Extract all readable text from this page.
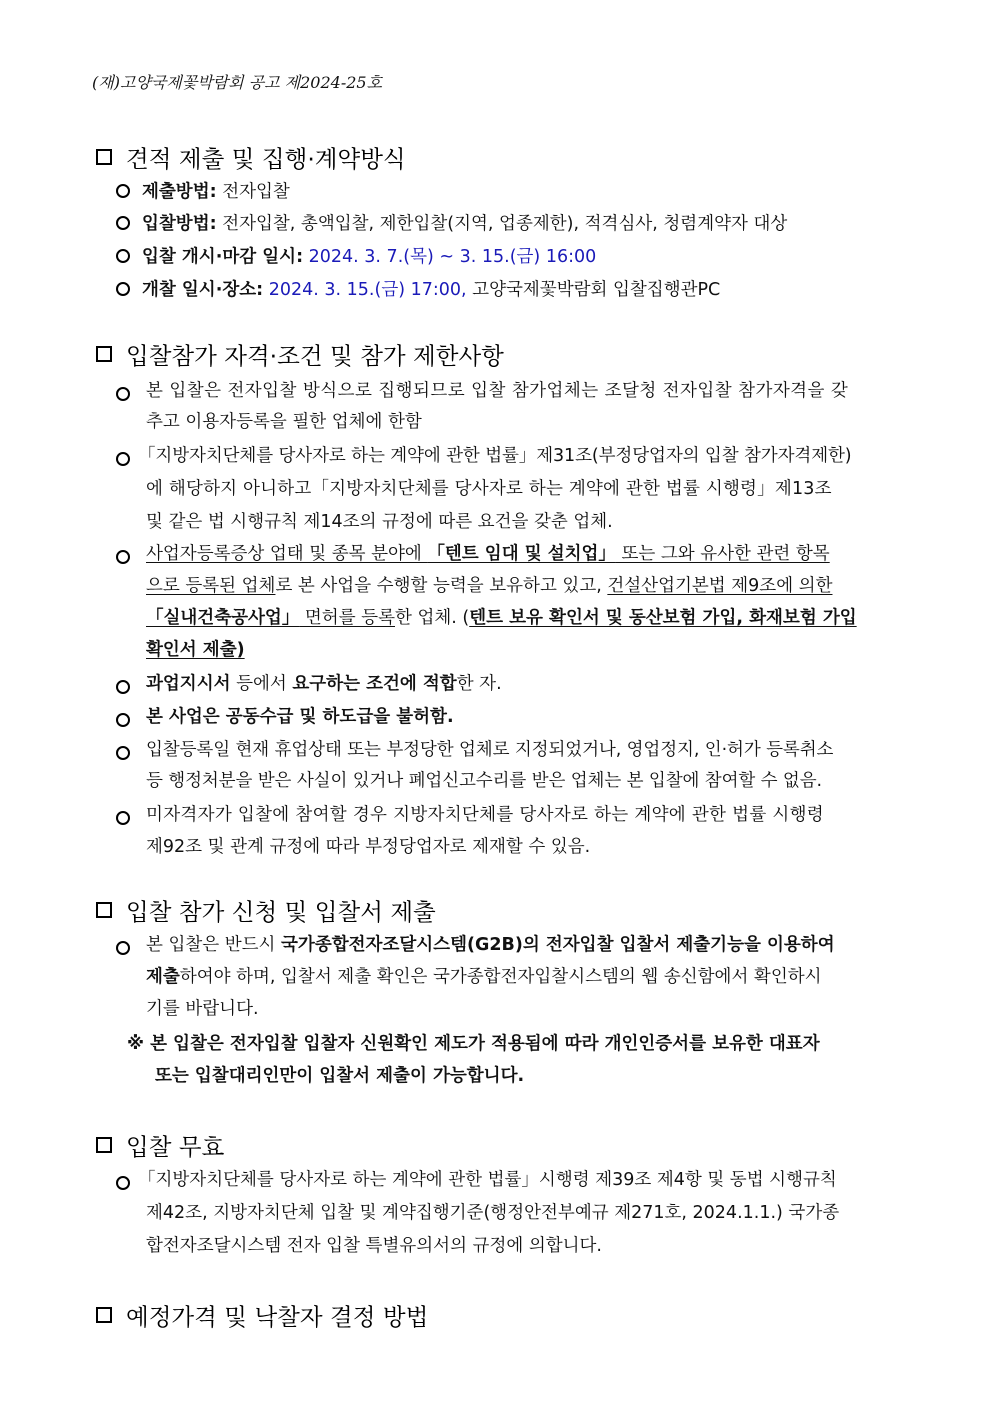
(재)고양국제꽃박람회 공고 제2024-25호
견적 제출 및 집행·계약방식
제출방법: 전자입찰
입찰방법: 전자입찰, 총액입찰, 제한입찰(지역, 업종제한), 적격심사, 청렴계약자 대상
입찰 개시·마감 일시: 2024. 3. 7.(목) ~ 3. 15.(금) 16:00
개찰 일시·장소: 2024. 3. 15.(금) 17:00, 고양국제꽃박람회 입찰집행관PC
입찰참가 자격·조건 및 참가 제한사항
본 입찰은 전자입찰 방식으로 집행되므로 입찰 참가업체는 조달청 전자입찰 참가자격을 갖
추고 이용자등록을 필한 업체에 한함
「지방자치단체를 당사자로 하는 계약에 관한 법률」제31조(부정당업자의 입찰 참가자격제한)
에 해당하지 아니하고「지방자치단체를 당사자로 하는 계약에 관한 법률 시행령」제13조
및 같은 법 시행규칙 제14조의 규정에 따른 요건을 갖춘 업체.
사업자등록증상 업태 및 종목 분야에 「텐트 임대 및 설치업」 또는 그와 유사한 관련 항목
으로 등록된 업체로 본 사업을 수행할 능력을 보유하고 있고, 건설산업기본법 제9조에 의한
「실내건축공사업」 면허를 등록한 업체. (텐트 보유 확인서 및 동산보험 가입, 화재보험 가입
확인서 제출)
과업지시서 등에서 요구하는 조건에 적합한 자.
본 사업은 공동수급 및 하도급을 불허함.
입찰등록일 현재 휴업상태 또는 부정당한 업체로 지정되었거나, 영업정지, 인·허가 등록취소
등 행정처분을 받은 사실이 있거나 폐업신고수리를 받은 업체는 본 입찰에 참여할 수 없음.
미자격자가 입찰에 참여할 경우 지방자치단체를 당사자로 하는 계약에 관한 법률 시행령
제92조 및 관계 규정에 따라 부정당업자로 제재할 수 있음.
입찰 참가 신청 및 입찰서 제출
본 입찰은 반드시 국가종합전자조달시스템(G2B)의 전자입찰 입찰서 제출기능을 이용하여
제출하여야 하며, 입찰서 제출 확인은 국가종합전자입찰시스템의 웹 송신함에서 확인하시
기를 바랍니다.
※ 본 입찰은 전자입찰 입찰자 신원확인 제도가 적용됨에 따라 개인인증서를 보유한 대표자
또는 입찰대리인만이 입찰서 제출이 가능합니다.
입찰 무효
「지방자치단체를 당사자로 하는 계약에 관한 법률」시행령 제39조 제4항 및 동법 시행규칙
제42조, 지방자치단체 입찰 및 계약집행기준(행정안전부예규 제271호, 2024.1.1.) 국가종
합전자조달시스템 전자 입찰 특별유의서의 규정에 의합니다.
예정가격 및 낙찰자 결정 방법
